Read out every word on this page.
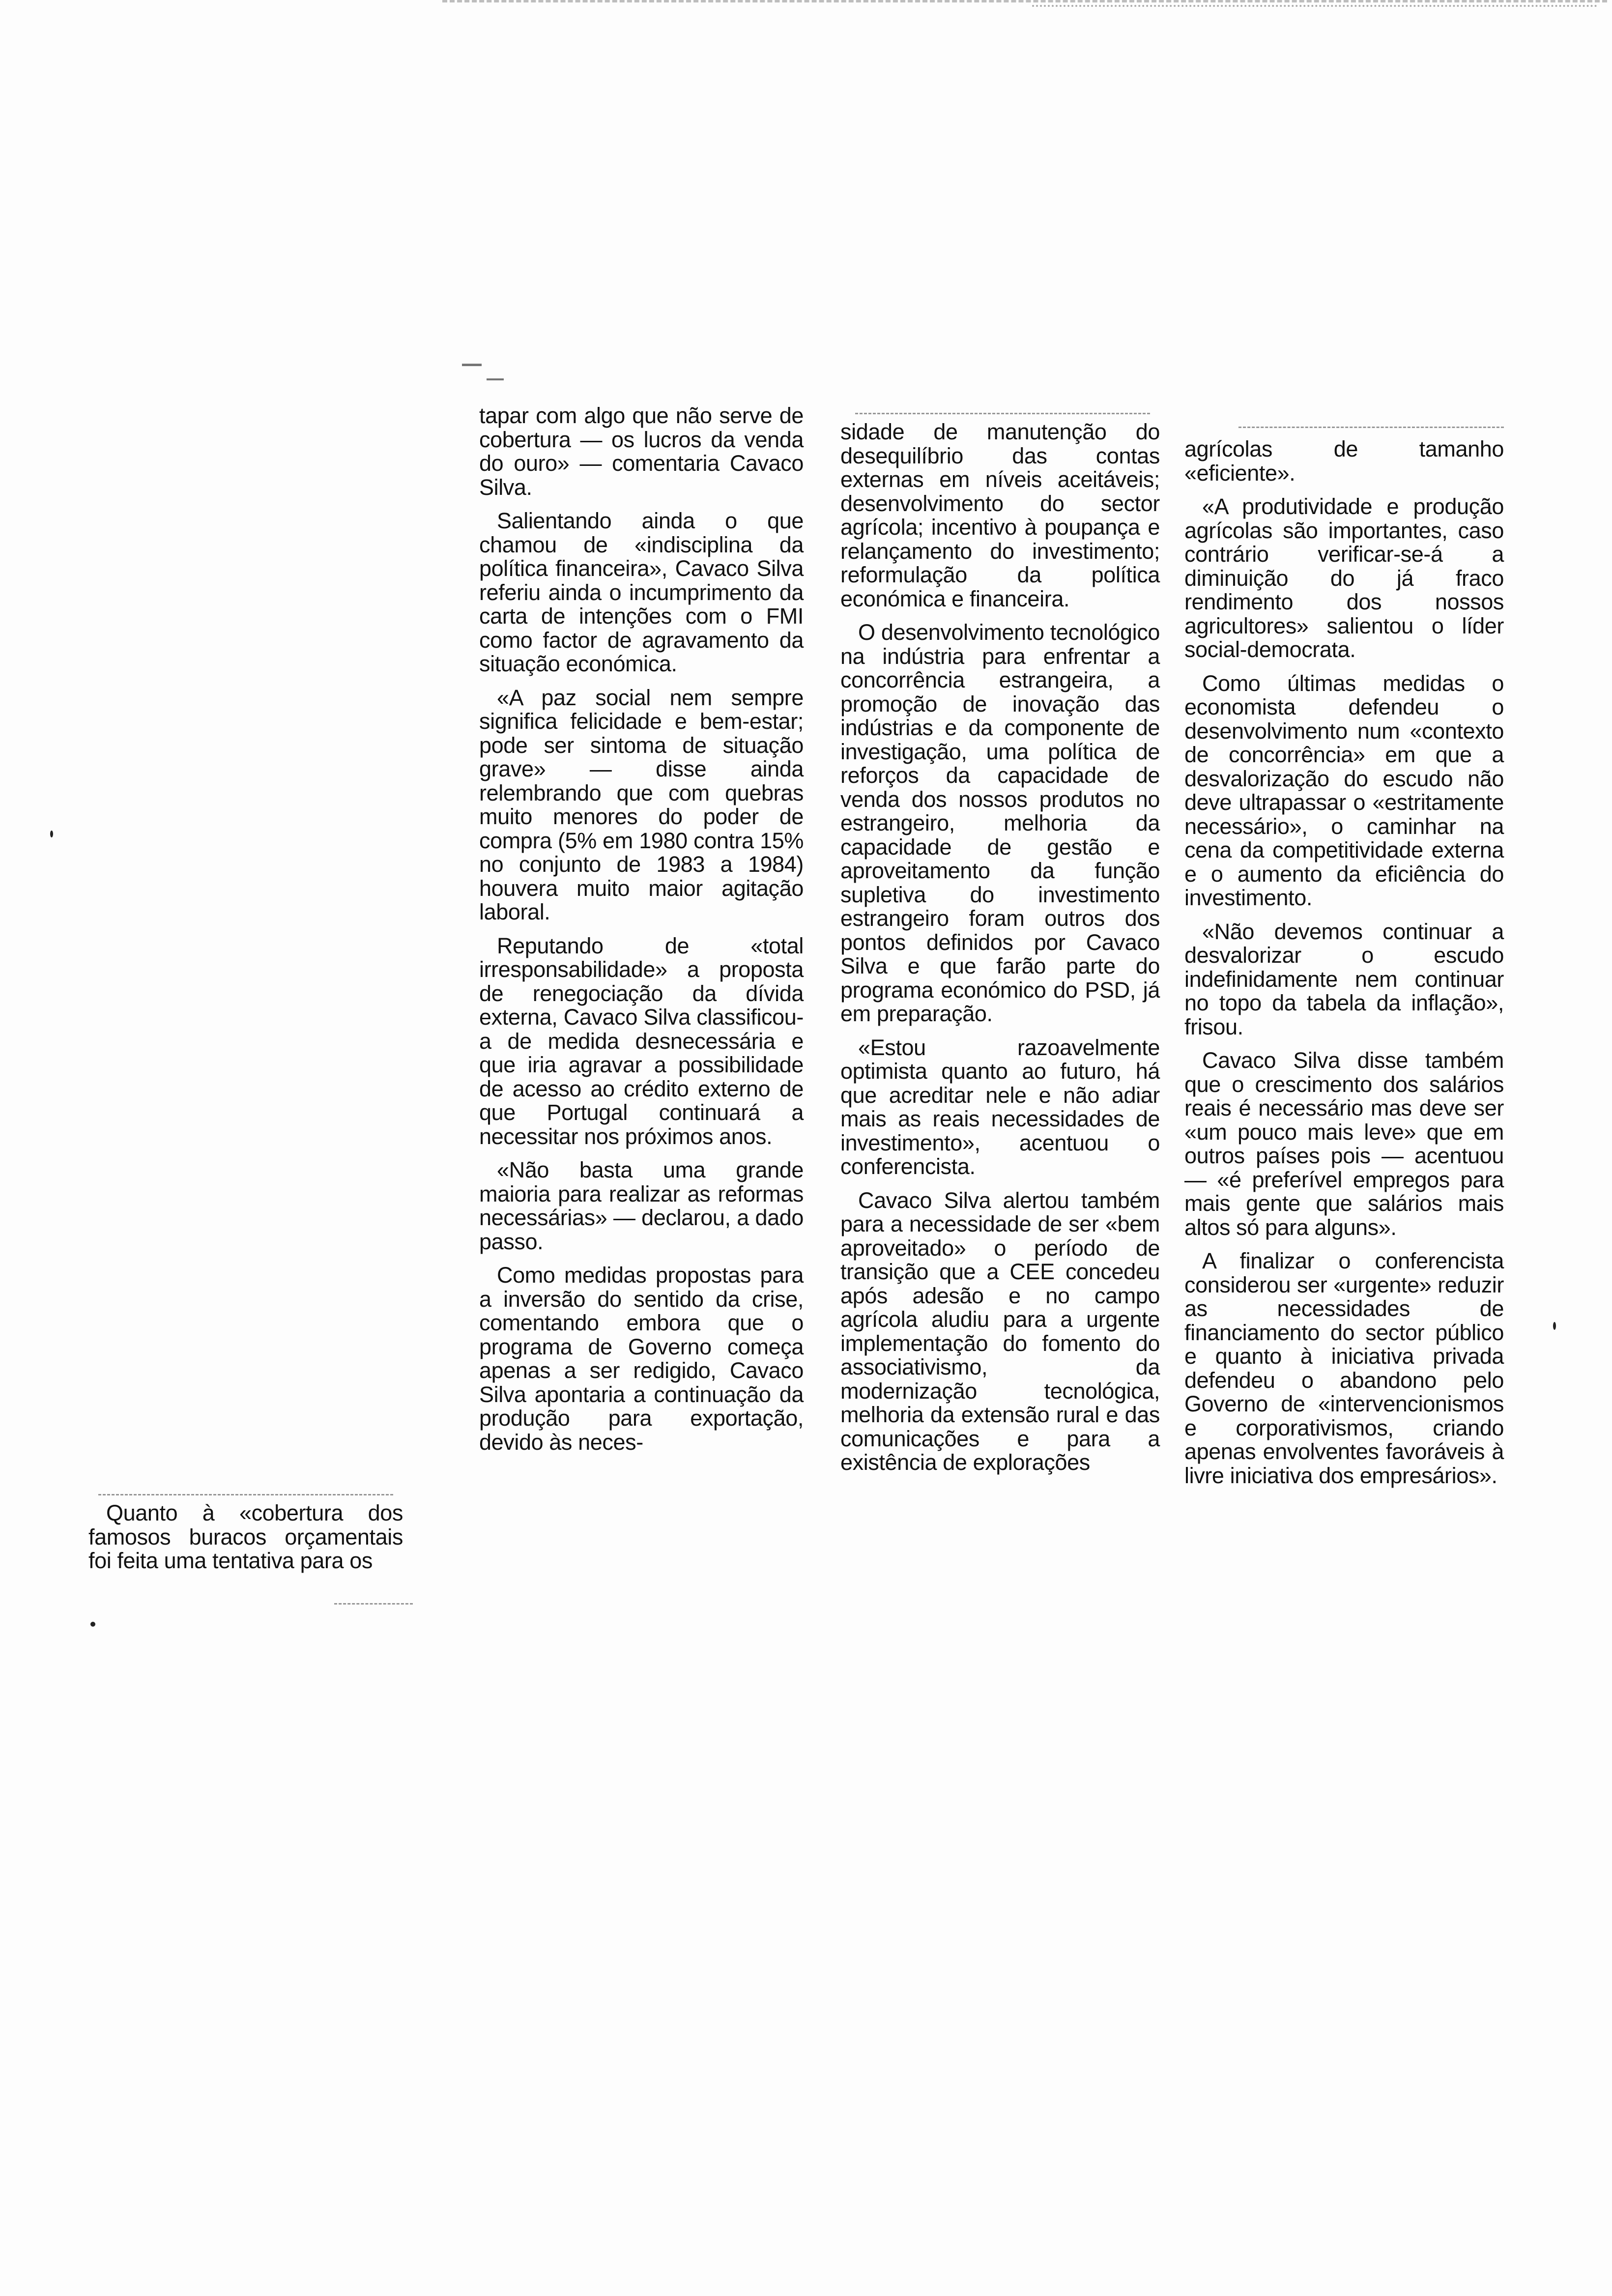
Quanto à «cobertura dos famosos buracos orçamentais foi feita uma tentativa para os

tapar com algo que não serve de cobertura — os lucros da venda do ouro» — comentaria Cavaco Silva.

Salientando ainda o que chamou de «indisciplina da política financeira», Cavaco Silva referiu ainda o incumprimento da carta de intenções com o FMI como factor de agravamento da situação económica.

«A paz social nem sempre significa felicidade e bem-estar; pode ser sintoma de situação grave» — disse ainda relembrando que com quebras muito menores do poder de compra (5% em 1980 contra 15% no conjunto de 1983 a 1984) houvera muito maior agitação laboral.

Reputando de «total irresponsabilidade» a proposta de renegociação da dívida externa, Cavaco Silva classificou-a de medida desnecessária e que iria agravar a possibilidade de acesso ao crédito externo de que Portugal continuará a necessitar nos próximos anos.

«Não basta uma grande maioria para realizar as reformas necessárias» — declarou, a dado passo.

Como medidas propostas para a inversão do sentido da crise, comentando embora que o programa de Governo começa apenas a ser redigido, Cavaco Silva apontaria a continuação da produção para exportação, devido às neces-

sidade de manutenção do desequilíbrio das contas externas em níveis aceitáveis; desenvolvimento do sector agrícola; incentivo à poupança e relançamento do investimento; reformulação da política económica e financeira.

O desenvolvimento tecnológico na indústria para enfrentar a concorrência estrangeira, a promoção de inovação das indústrias e da componente de investigação, uma política de reforços da capacidade de venda dos nossos produtos no estrangeiro, melhoria da capacidade de gestão e aproveitamento da função supletiva do investimento estrangeiro foram outros dos pontos definidos por Cavaco Silva e que farão parte do programa económico do PSD, já em preparação.

«Estou razoavelmente optimista quanto ao futuro, há que acreditar nele e não adiar mais as reais necessidades de investimento», acentuou o conferencista.

Cavaco Silva alertou também para a necessidade de ser «bem aproveitado» o período de transição que a CEE concedeu após adesão e no campo agrícola aludiu para a urgente implementação do fomento do associativismo, da modernização tecnológica, melhoria da extensão rural e das comunicações e para a existência de explorações

agrícolas de tamanho «eficiente».

«A produtividade e produção agrícolas são importantes, caso contrário verificar-se-á a diminuição do já fraco rendimento dos nossos agricultores» salientou o líder social-democrata.

Como últimas medidas o economista defendeu o desenvolvimento num «contexto de concorrência» em que a desvalorização do escudo não deve ultrapassar o «estritamente necessário», o caminhar na cena da competitividade externa e o aumento da eficiência do investimento.

«Não devemos continuar a desvalorizar o escudo indefinidamente nem continuar no topo da tabela da inflação», frisou.

Cavaco Silva disse também que o crescimento dos salários reais é necessário mas deve ser «um pouco mais leve» que em outros países pois — acentuou — «é preferível empregos para mais gente que salários mais altos só para alguns».

A finalizar o conferencista considerou ser «urgente» reduzir as necessidades de financiamento do sector público e quanto à iniciativa privada defendeu o abandono pelo Governo de «intervencionismos e corporativismos, criando apenas envolventes favoráveis à livre iniciativa dos empresários».
